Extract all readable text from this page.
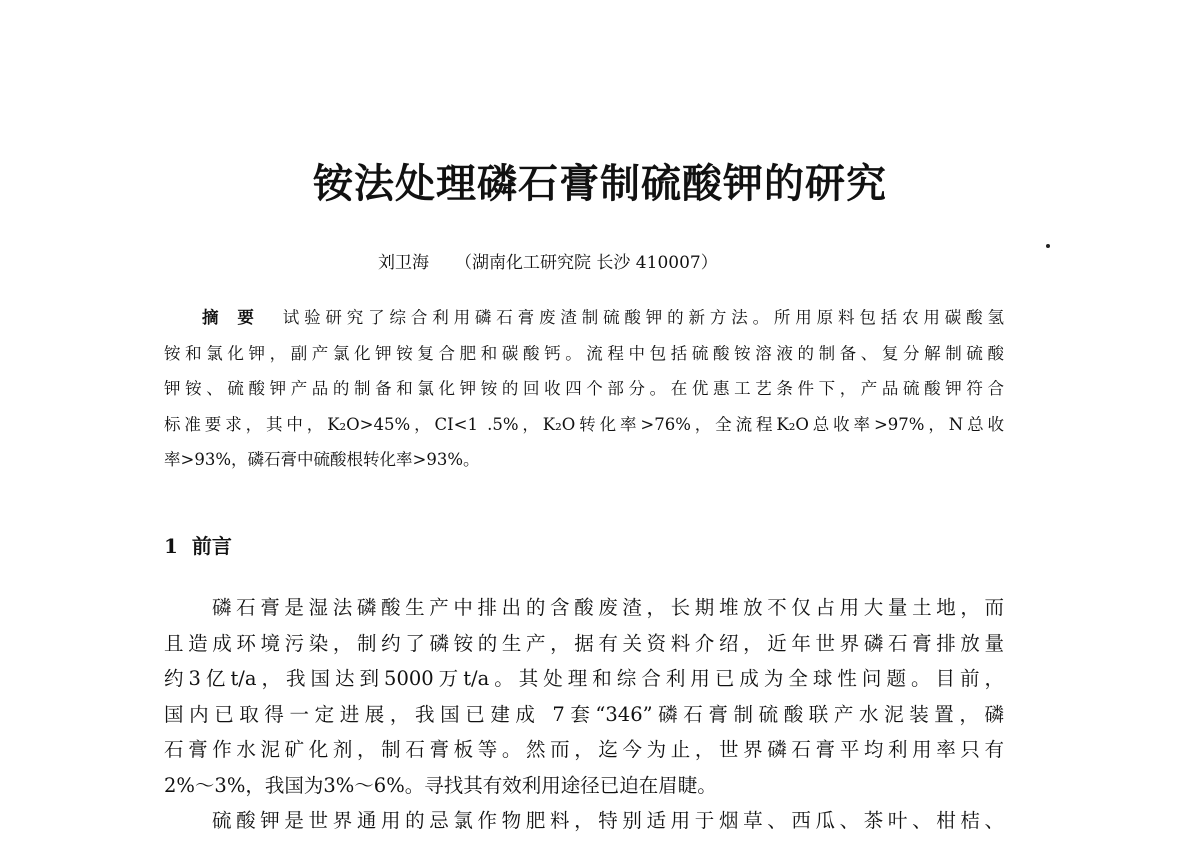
铵法处理磷石膏制硫酸钾的研究

刘卫海 （湖南化工研究院 长沙 410007）

摘要 试验研究了综合利用磷石膏废渣制硫酸钾的新方法。所用原料包括农用碳酸氢
铵和氯化钾，副产氯化钾铵复合肥和碳酸钙。流程中包括硫酸铵溶液的制备、复分解制硫酸
钾铵、硫酸钾产品的制备和氯化钾铵的回收四个部分。在优惠工艺条件下，产品硫酸钾符合
标准要求，其中，K₂O>45%，CI<1 .5%，K₂O转化率>76%，全流程K₂O总收率>97%，N总收
率>93%，磷石膏中硫酸根转化率>93%。
1 前言
磷石膏是湿法磷酸生产中排出的含酸废渣，长期堆放不仅占用大量土地，而
且造成环境污染，制约了磷铵的生产，据有关资料介绍，近年世界磷石膏排放量
约3亿t/a，我国达到5000万t/a。其处理和综合利用已成为全球性问题。目前，
国内已取得一定进展，我国已建成 7套“346”磷石膏制硫酸联产水泥装置，磷
石膏作水泥矿化剂，制石膏板等。然而，迄今为止，世界磷石膏平均利用率只有
2%～3%，我国为3%～6%。寻找其有效利用途径已迫在眉睫。
硫酸钾是世界通用的忌氯作物肥料，特别适用于烟草、西瓜、茶叶、柑桔、
